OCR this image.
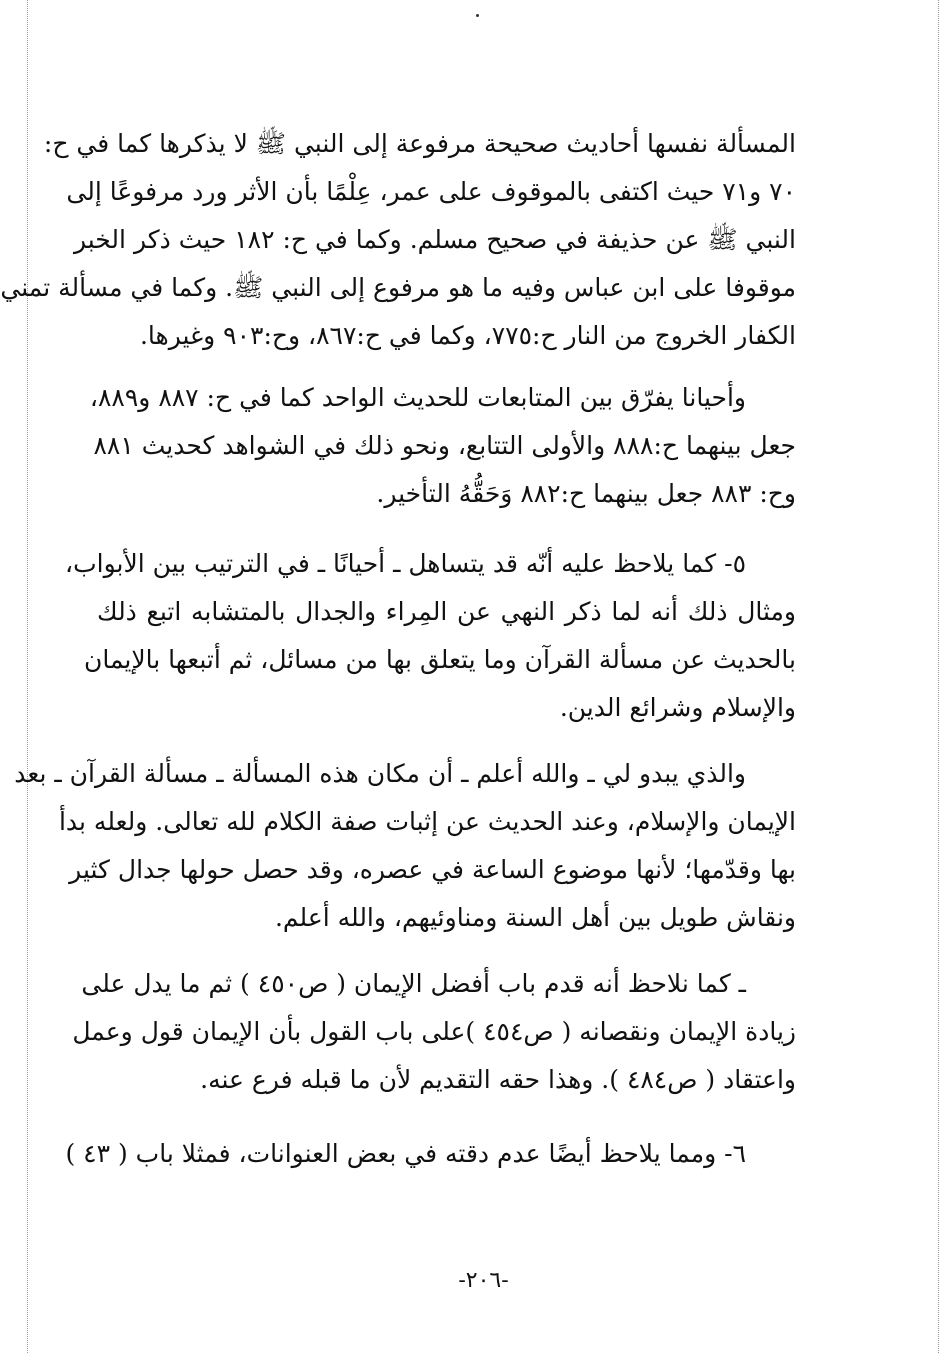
المسألة نفسها أحاديث صحيحة مرفوعة إلى النبي ﷺ لا يذكرها كما في ح:
٧٠ و٧١ حيث اكتفى بالموقوف على عمر، عِلْمًا بأن الأثر ورد مرفوعًا إلى
النبي ﷺ عن حذيفة في صحيح مسلم. وكما في ح: ١٨٢ حيث ذكر الخبر
موقوفا على ابن عباس وفيه ما هو مرفوع إلى النبي ﷺ. وكما في مسألة تمني
الكفار الخروج من النار ح:٧٧٥، وكما في ح:٨٦٧، وح:٩٠٣ وغيرها.
وأحيانا يفرّق بين المتابعات للحديث الواحد كما في ح: ٨٨٧ و٨٨٩،
جعل بينهما ح:٨٨٨ والأولى التتابع، ونحو ذلك في الشواهد كحديث ٨٨١
وح: ٨٨٣ جعل بينهما ح:٨٨٢ وَحَقُّهُ التأخير.
٥- كما يلاحظ عليه أنّه قد يتساهل ـ أحيانًا ـ في الترتيب بين الأبواب،
ومثال ذلك أنه لما ذكر النهي عن المِراء والجدال بالمتشابه اتبع ذلك
بالحديث عن مسألة القرآن وما يتعلق بها من مسائل، ثم أتبعها بالإيمان
والإسلام وشرائع الدين.
والذي يبدو لي ـ والله أعلم ـ أن مكان هذه المسألة ـ مسألة القرآن ـ بعد
الإيمان والإسلام، وعند الحديث عن إثبات صفة الكلام لله تعالى. ولعله بدأ
بها وقدّمها؛ لأنها موضوع الساعة في عصره، وقد حصل حولها جدال كثير
ونقاش طويل بين أهل السنة ومناوئيهم، والله أعلم.
ـ كما نلاحظ أنه قدم باب أفضل الإيمان ( ص٤٥٠ ) ثم ما يدل على
زيادة الإيمان ونقصانه ( ص٤٥٤ )على باب القول بأن الإيمان قول وعمل
واعتقاد ( ص٤٨٤ ). وهذا حقه التقديم لأن ما قبله فرع عنه.
٦- ومما يلاحظ أيضًا عدم دقته في بعض العنوانات، فمثلا باب ( ٤٣ )
-٢٠٦-
